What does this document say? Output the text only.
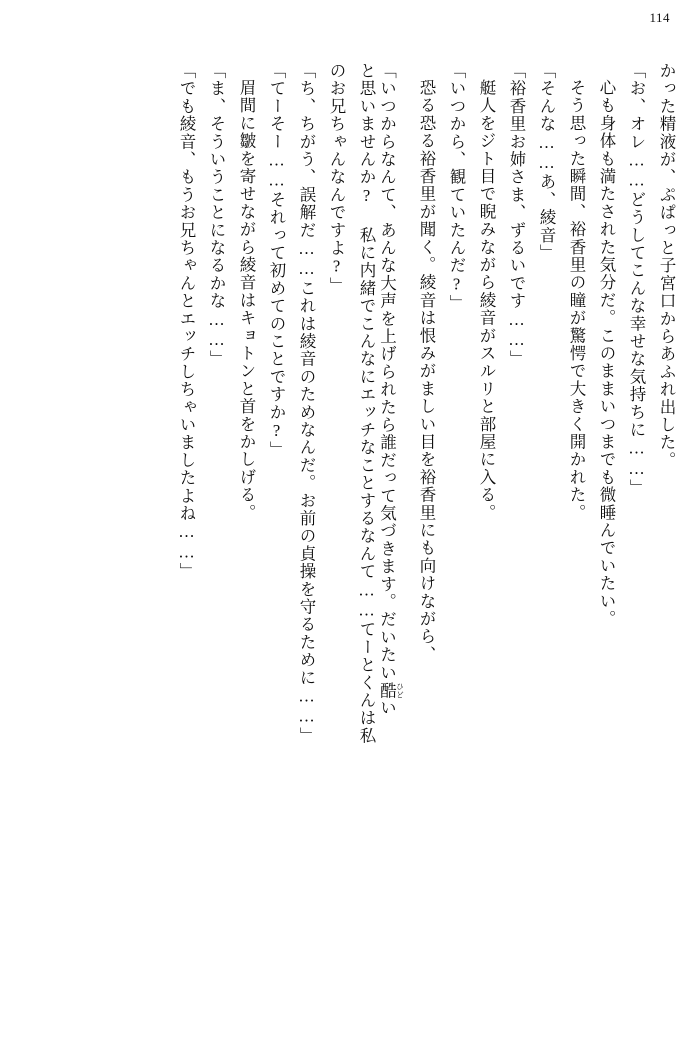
114
かった精液が、ぷぱっと子宮口からあふれ出した。
「お、オレ……どうしてこんな幸せな気持ちに……」
心も身体も満たされた気分だ。このままいつまでも微睡んでいたい。
そう思った瞬間、裕香里の瞳が驚愕で大きく開かれた。
「そんな……あ、綾音」
「裕香里お姉さま、ずるいです……」
艇人をジト目で睨みながら綾音がスルリと部屋に入る。
「いつから、観ていたんだ?」
恐る恐る裕香里が聞く。綾音は恨みがましい目を裕香里にも向けながら、
「いつからなんて、あんな大声を上げられたら誰だって気づきます。だいたい酷 ひどい
と思いませんか? 私に内緒でこんなにエッチなことするなんて……てーとくんは私
のお兄ちゃんなんですよ?」
「ち、ちがう、誤解だ……これは綾音のためなんだ。お前の貞操を守るために……」
「てーそー……それって初めてのことですか?」
眉間に皺を寄せながら綾音はキョトンと首をかしげる。
「ま、そういうことになるかな……」
「でも綾音、もうお兄ちゃんとエッチしちゃいましたよね……」
